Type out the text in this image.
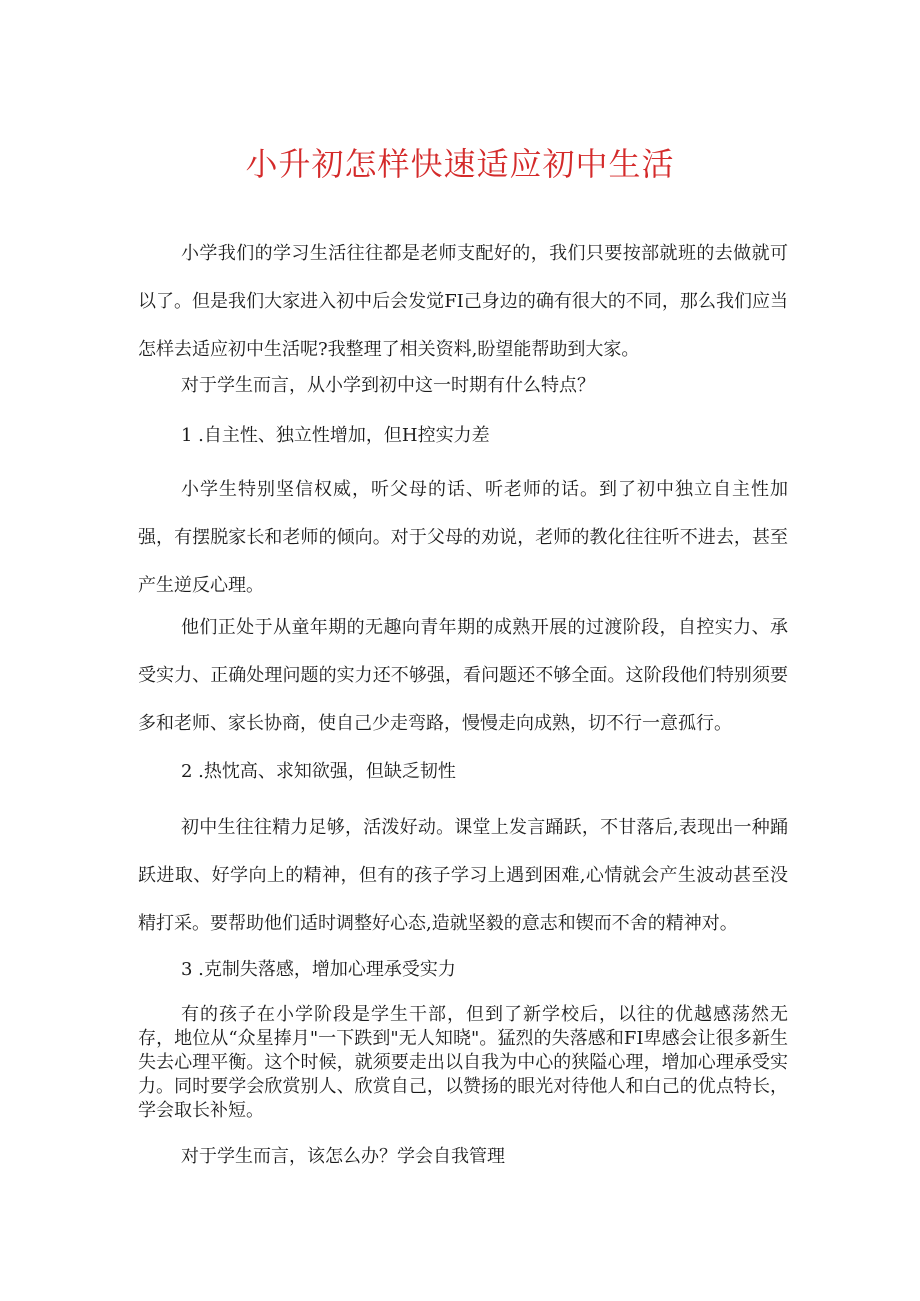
小升初怎样快速适应初中生活

小学我们的学习生活往往都是老师支配好的，我们只要按部就班的去做就可以了。但是我们大家进入初中后会发觉FI己身边的确有很大的不同，那么我们应当怎样去适应初中生活呢?我整理了相关资料,盼望能帮助到大家。

对于学生而言，从小学到初中这一时期有什么特点？

1 .自主性、独立性增加，但H控实力差

小学生特别坚信权威，听父母的话、听老师的话。到了初中独立自主性加强，有摆脱家长和老师的倾向。对于父母的劝说，老师的教化往往听不进去，甚至产生逆反心理。

他们正处于从童年期的无趣向青年期的成熟开展的过渡阶段，自控实力、承受实力、正确处理问题的实力还不够强，看问题还不够全面。这阶段他们特别须要多和老师、家长协商，使自己少走弯路，慢慢走向成熟，切不行一意孤行。

2 .热忱高、求知欲强，但缺乏韧性

初中生往往精力足够，活泼好动。课堂上发言踊跃，不甘落后,表现出一种踊跃进取、好学向上的精神，但有的孩子学习上遇到困难,心情就会产生波动甚至没精打采。要帮助他们适时调整好心态,造就坚毅的意志和锲而不舍的精神对。

3 .克制失落感，增加心理承受实力

有的孩子在小学阶段是学生干部，但到了新学校后，以往的优越感荡然无存，地位从“众星捧月"一下跌到"无人知晓"。猛烈的失落感和FI卑感会让很多新生失去心理平衡。这个时候，就须要走出以自我为中心的狭隘心理，增加心理承受实力。同时要学会欣赏别人、欣赏自己，以赞扬的眼光对待他人和白己的优点特长，学会取长补短。

对于学生而言，该怎么办？学会自我管理
